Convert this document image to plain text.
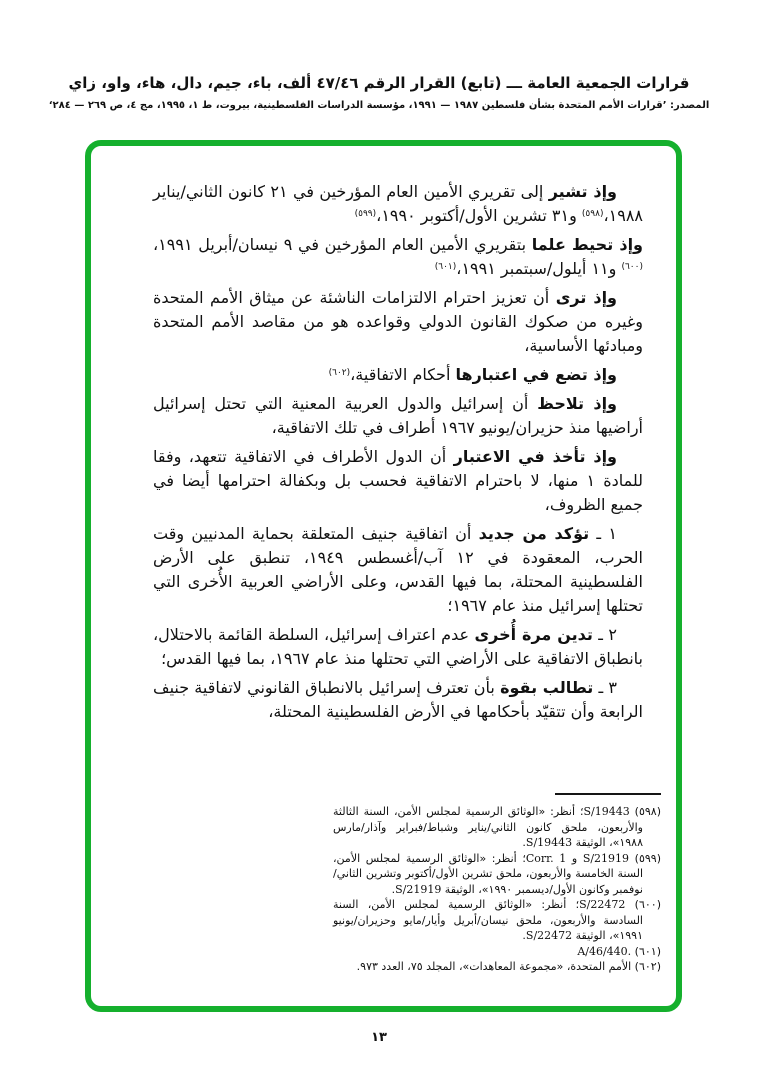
قرارات الجمعية العامة ـــ (تابع) القرار الرقم ٤٧/٤٦ ألف، باء، جيم، دال، هاء، واو، زاي
المصدر: ’قرارات الأمم المتحدة بشأن فلسطين ١٩٨٧ — ١٩٩١، مؤسسة الدراسات الفلسطينية، بيروت، ط ١، ١٩٩٥، مج ٤، ص ٢٦٩ — ٢٨٤‘

وإذ تشير إلى تقريري الأمين العام المؤرخين في ٢١ كانون الثاني/يناير ١٩٨٨،$^{(٥٩٨)}$ و٣١ تشرين الأول/أكتوبر ١٩٩٠،$^{(٥٩٩)}$

وإذ تحيط علما بتقريري الأمين العام المؤرخين في ٩ نيسان/أبريل ١٩٩١،$^{(٦٠٠)}$ و١١ أيلول/سبتمبر ١٩٩١،$^{(٦٠١)}$

وإذ ترى أن تعزيز احترام الالتزامات الناشئة عن ميثاق الأمم المتحدة وغيره من صكوك القانون الدولي وقواعده هو من مقاصد الأمم المتحدة ومبادئها الأساسية،

وإذ تضع في اعتبارها أحكام الاتفاقية،$^{(٦٠٢)}$

وإذ تلاحظ أن إسرائيل والدول العربية المعنية التي تحتل إسرائيل أراضيها منذ حزيران/يونيو ١٩٦٧ أطراف في تلك الاتفاقية،

وإذ تأخذ في الاعتبار أن الدول الأطراف في الاتفاقية تتعهد، وفقا للمادة ١ منها، لا باحترام الاتفاقية فحسب بل وبكفالة احترامها أيضا في جميع الظروف،

١ ـ تؤكد من جديد أن اتفاقية جنيف المتعلقة بحماية المدنيين وقت الحرب، المعقودة في ١٢ آب/أغسطس ١٩٤٩، تنطبق على الأرض الفلسطينية المحتلة، بما فيها القدس، وعلى الأراضي العربية الأُخرى التي تحتلها إسرائيل منذ عام ١٩٦٧؛

٢ ـ تدين مرة أُخرى عدم اعتراف إسرائيل، السلطة القائمة بالاحتلال، بانطباق الاتفاقية على الأراضي التي تحتلها منذ عام ١٩٦٧، بما فيها القدس؛

٣ ـ تطالب بقوة بأن تعترف إسرائيل بالانطباق القانوني لاتفاقية جنيف الرابعة وأن تتقيّد بأحكامها في الأرض الفلسطينية المحتلة،

(٥٩٨) S/19443؛ أنظر: «الوثائق الرسمية لمجلس الأمن، السنة الثالثة والأربعون، ملحق كانون الثاني/يناير وشباط/فبراير وآذار/مارس ١٩٨٨»، الوثيقة S/19443.

(٥٩٩) S/21919 و Corr. 1؛ أنظر: «الوثائق الرسمية لمجلس الأمن، السنة الخامسة والأربعون، ملحق تشرين الأول/أكتوبر وتشرين الثاني/نوفمبر وكانون الأول/ديسمبر ١٩٩٠»، الوثيقة S/21919.

(٦٠٠) S/22472؛ أنظر: «الوثائق الرسمية لمجلس الأمن، السنة السادسة والأربعون، ملحق نيسان/أبريل وأيار/مايو وحزيران/يونيو ١٩٩١»، الوثيقة S/22472.

(٦٠١) A/46/440.

(٦٠٢) الأمم المتحدة، «مجموعة المعاهدات»، المجلد ٧٥، العدد ٩٧٣.

١٣
